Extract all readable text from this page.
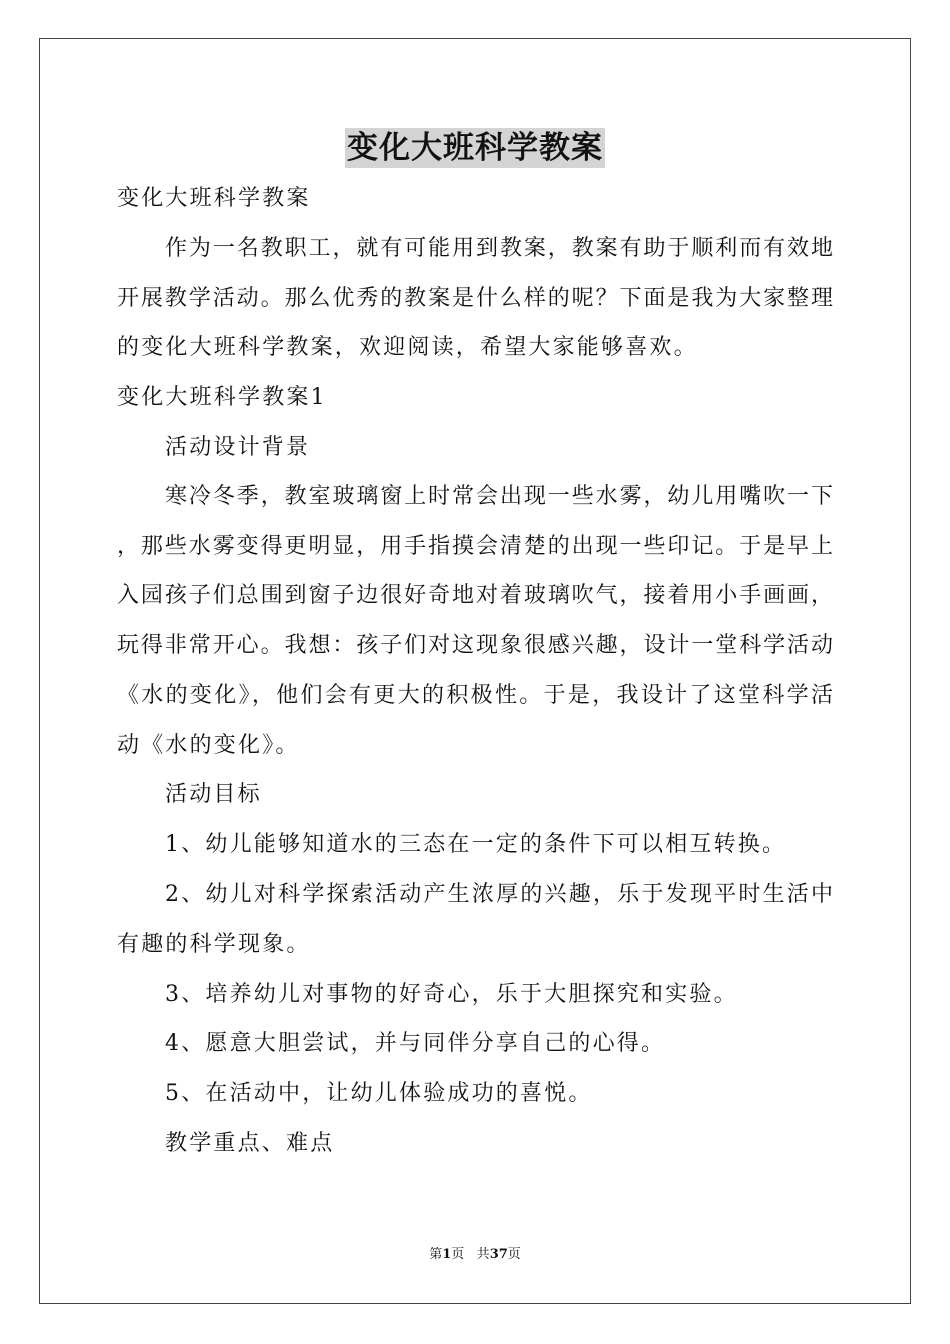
变化大班科学教案
变化大班科学教案
作为一名教职工，就有可能用到教案，教案有助于顺利而有效地
开展教学活动。那么优秀的教案是什么样的呢？下面是我为大家整理
的变化大班科学教案，欢迎阅读，希望大家能够喜欢。
变化大班科学教案1
活动设计背景
寒冷冬季，教室玻璃窗上时常会出现一些水雾，幼儿用嘴吹一下
，那些水雾变得更明显，用手指摸会清楚的出现一些印记。于是早上
入园孩子们总围到窗子边很好奇地对着玻璃吹气，接着用小手画画，
玩得非常开心。我想：孩子们对这现象很感兴趣，设计一堂科学活动
《水的变化》，他们会有更大的积极性。于是，我设计了这堂科学活
动《水的变化》。
活动目标
1、幼儿能够知道水的三态在一定的条件下可以相互转换。
2、幼儿对科学探索活动产生浓厚的兴趣，乐于发现平时生活中
有趣的科学现象。
3、培养幼儿对事物的好奇心，乐于大胆探究和实验。
4、愿意大胆尝试，并与同伴分享自己的心得。
5、在活动中，让幼儿体验成功的喜悦。
教学重点、难点
第1页 共37页
